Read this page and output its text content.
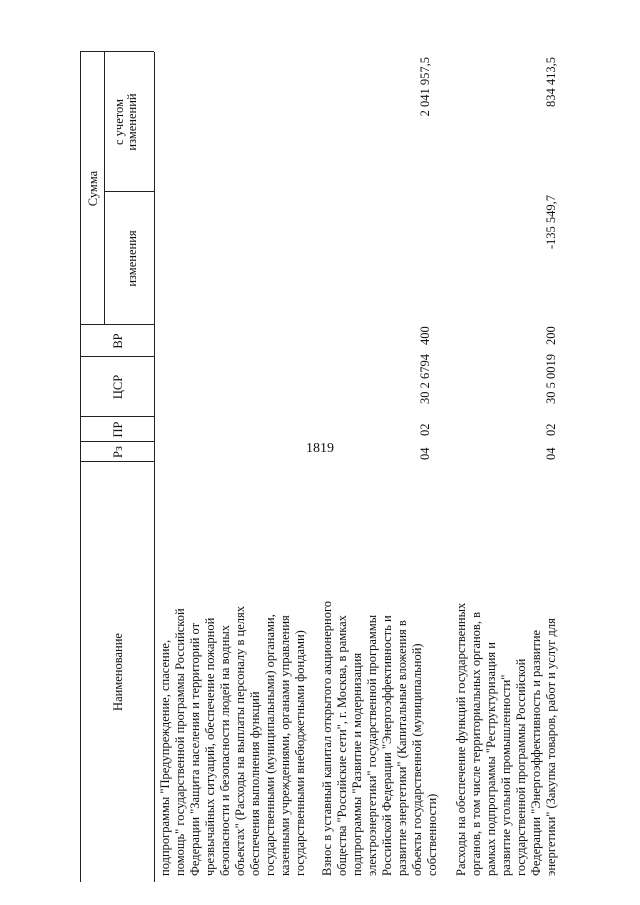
1819
Наименование
Рз
ПР
ЦСР
ВР
Сумма
изменения
с учетом изменений
подпрограммы "Предупреждение, спасение, помощь" государственной программы Российской Федерации "Защита населения и территорий от чрезвычайных ситуаций, обеспечение пожарной безопасности и безопасности людей на водных объектах" (Расходы на выплаты персоналу в целях обеспечения выполнения функций государственными (муниципальными) органами, казенными учреждениями, органами управления государственными внебюджетными фондами) Взнос в уставный капитал открытого акционерного общества "Российские сети", г. Москва, в рамках подпрограммы "Развитие и модернизация электроэнергетики" государственной программы Российской Федерации "Энергоэффективность и развитие энергетики" (Капитальные вложения в объекты государственной (муниципальной) собственности)
04
02
30 2 6794
400
2 041 957,5
Расходы на обеспечение функций государственных органов, в том числе территориальных органов, в рамках подпрограммы "Реструктуризация и развитие угольной промышленности" государственной программы Российской Федерации "Энергоэффективность и развитие энергетики" (Закупка товаров, работ и услуг для
04
02
30 5 0019
200
-135 549,7
834 413,5
